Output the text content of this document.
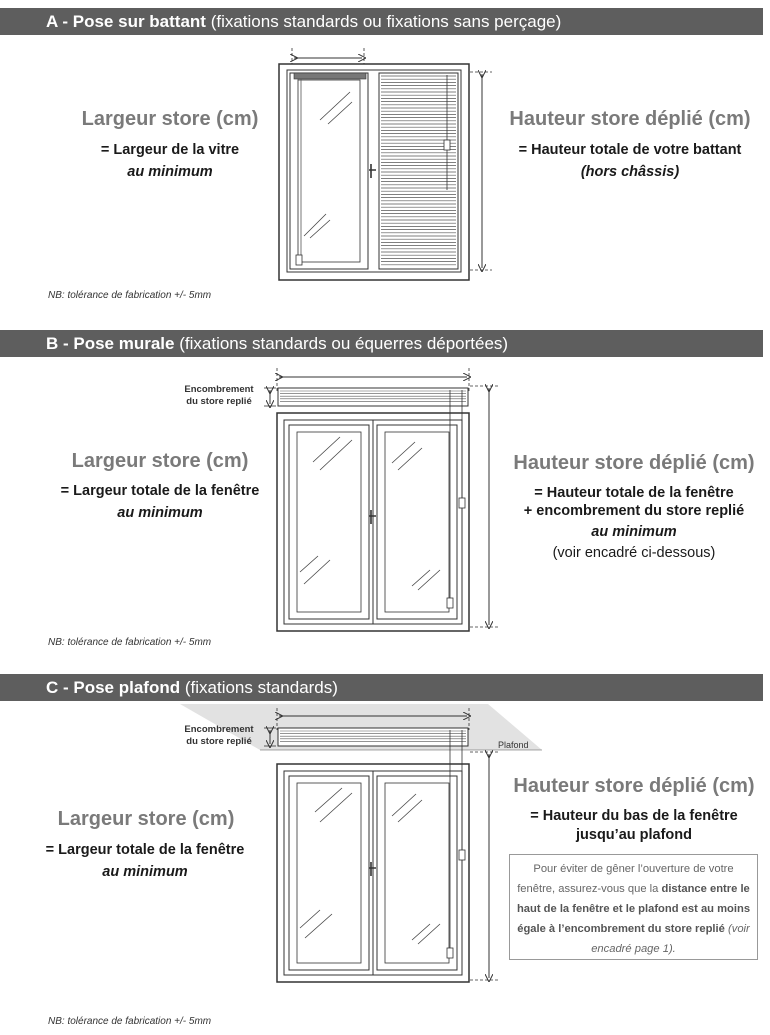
A - Pose sur battant (fixations standards ou fixations sans perçage)
Largeur store (cm)
= Largeur de la vitre
au minimum
Hauteur store déplié (cm)
= Hauteur totale de votre battant
(hors châssis)
NB: tolérance de fabrication +/- 5mm
B - Pose murale (fixations standards ou équerres déportées)
Encombrement
du store replié
Largeur store (cm)
= Largeur totale de la fenêtre
au minimum
Hauteur store déplié (cm)
= Hauteur totale de la fenêtre
+ encombrement du store replié
au minimum
(voir encadré ci-dessous)
NB: tolérance de fabrication +/- 5mm
C - Pose plafond (fixations standards)
Encombrement
du store replié	Plafond
Largeur store (cm)
= Largeur totale de la fenêtre
au minimum
Hauteur store déplié (cm)
= Hauteur du bas de la fenêtre
jusqu’au plafond
Pour éviter de gêner l’ouverture de votre fenêtre, assurez-vous que la distance entre le haut de la fenêtre et le plafond est au moins égale à l’encombrement du store replié (voir encadré page 1).
NB: tolérance de fabrication +/- 5mm
